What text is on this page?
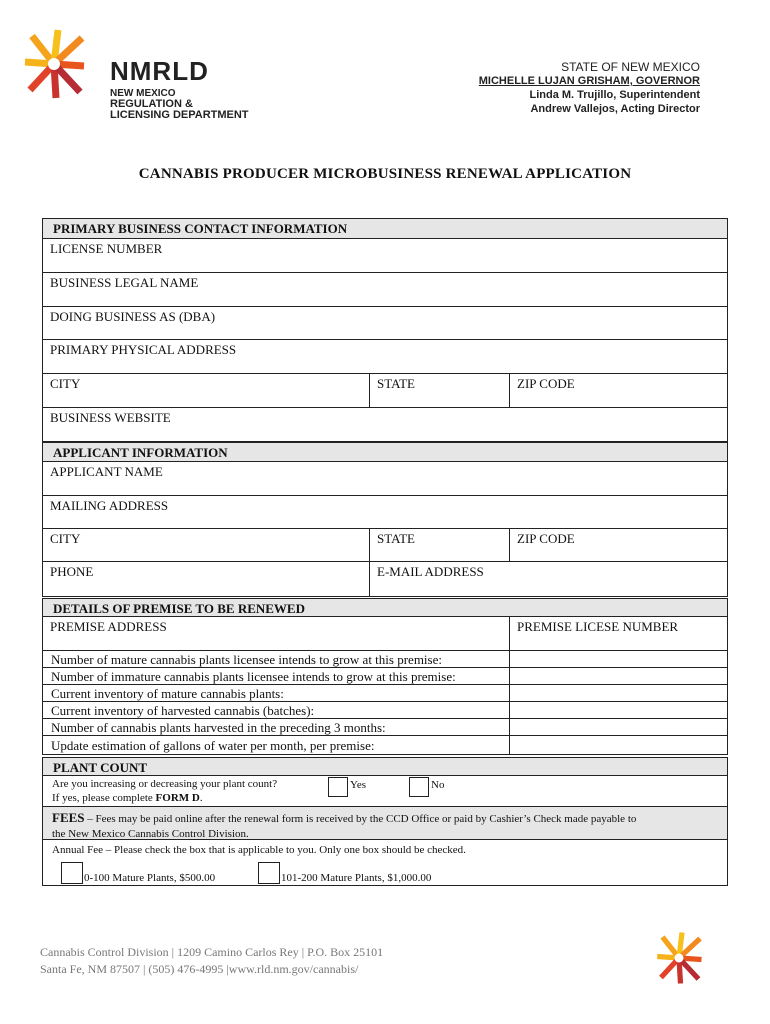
NMRLD
NEW MEXICO
REGULATION &
LICENSING DEPARTMENT
STATE OF NEW MEXICO
MICHELLE LUJAN GRISHAM, GOVERNOR
Linda M. Trujillo, Superintendent
Andrew Vallejos, Acting Director
CANNABIS PRODUCER MICROBUSINESS RENEWAL APPLICATION
PRIMARY BUSINESS CONTACT INFORMATION
LICENSE NUMBER
BUSINESS LEGAL NAME
DOING BUSINESS AS (DBA)
PRIMARY PHYSICAL ADDRESS
CITY	STATE	ZIP CODE
BUSINESS WEBSITE
APPLICANT INFORMATION
APPLICANT NAME
MAILING ADDRESS
CITY	STATE	ZIP CODE
PHONE	E-MAIL ADDRESS
DETAILS OF PREMISE TO BE RENEWED
PREMISE ADDRESS	PREMISE LICESE NUMBER
Number of mature cannabis plants licensee intends to grow at this premise:
Number of immature cannabis plants licensee intends to grow at this premise:
Current inventory of mature cannabis plants:
Current inventory of harvested cannabis (batches):
Number of cannabis plants harvested in the preceding 3 months:
Update estimation of gallons of water per month, per premise:
PLANT COUNT
Are you increasing or decreasing your plant count?
If yes, please complete FORM D.
Yes	No
FEES – Fees may be paid online after the renewal form is received by the CCD Office or paid by Cashier’s Check made payable to
the New Mexico Cannabis Control Division.
Annual Fee – Please check the box that is applicable to you. Only one box should be checked.
0-100 Mature Plants, $500.00	101-200 Mature Plants, $1,000.00
Cannabis Control Division | 1209 Camino Carlos Rey | P.O. Box 25101
Santa Fe, NM 87507 | (505) 476-4995 |www.rld.nm.gov/cannabis/
